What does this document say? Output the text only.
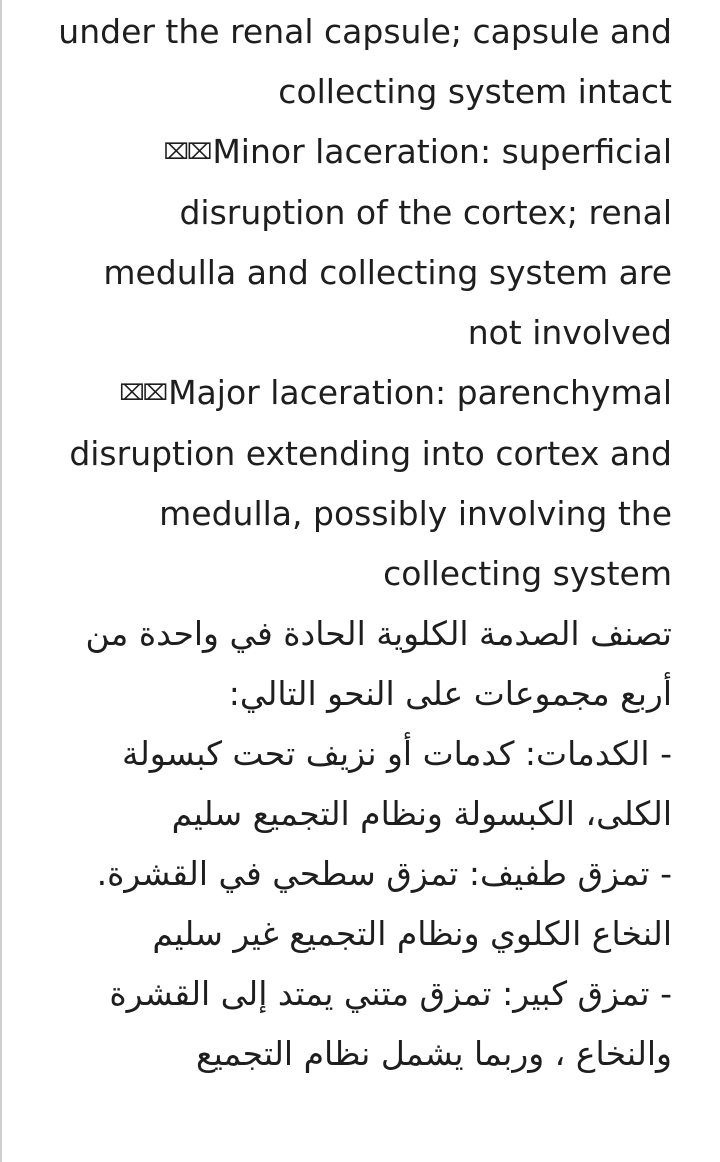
under the renal capsule; capsule and collecting system intact

⌧⌧Minor laceration: superficial disruption of the cortex; renal medulla and collecting system are not involved

⌧⌧Major laceration: parenchymal disruption extending into cortex and medulla, possibly involving the collecting system

تصنف الصدمة الكلوية الحادة في واحدة من أربع مجموعات على النحو التالي:

- الكدمات: كدمات أو نزيف تحت كبسولة الكلى، الكبسولة ونظام التجميع سليم

- تمزق طفيف: تمزق سطحي في القشرة. النخاع الكلوي ونظام التجميع غير سليم

- تمزق كبير: تمزق متني يمتد إلى القشرة والنخاع ، وربما يشمل نظام التجميع
